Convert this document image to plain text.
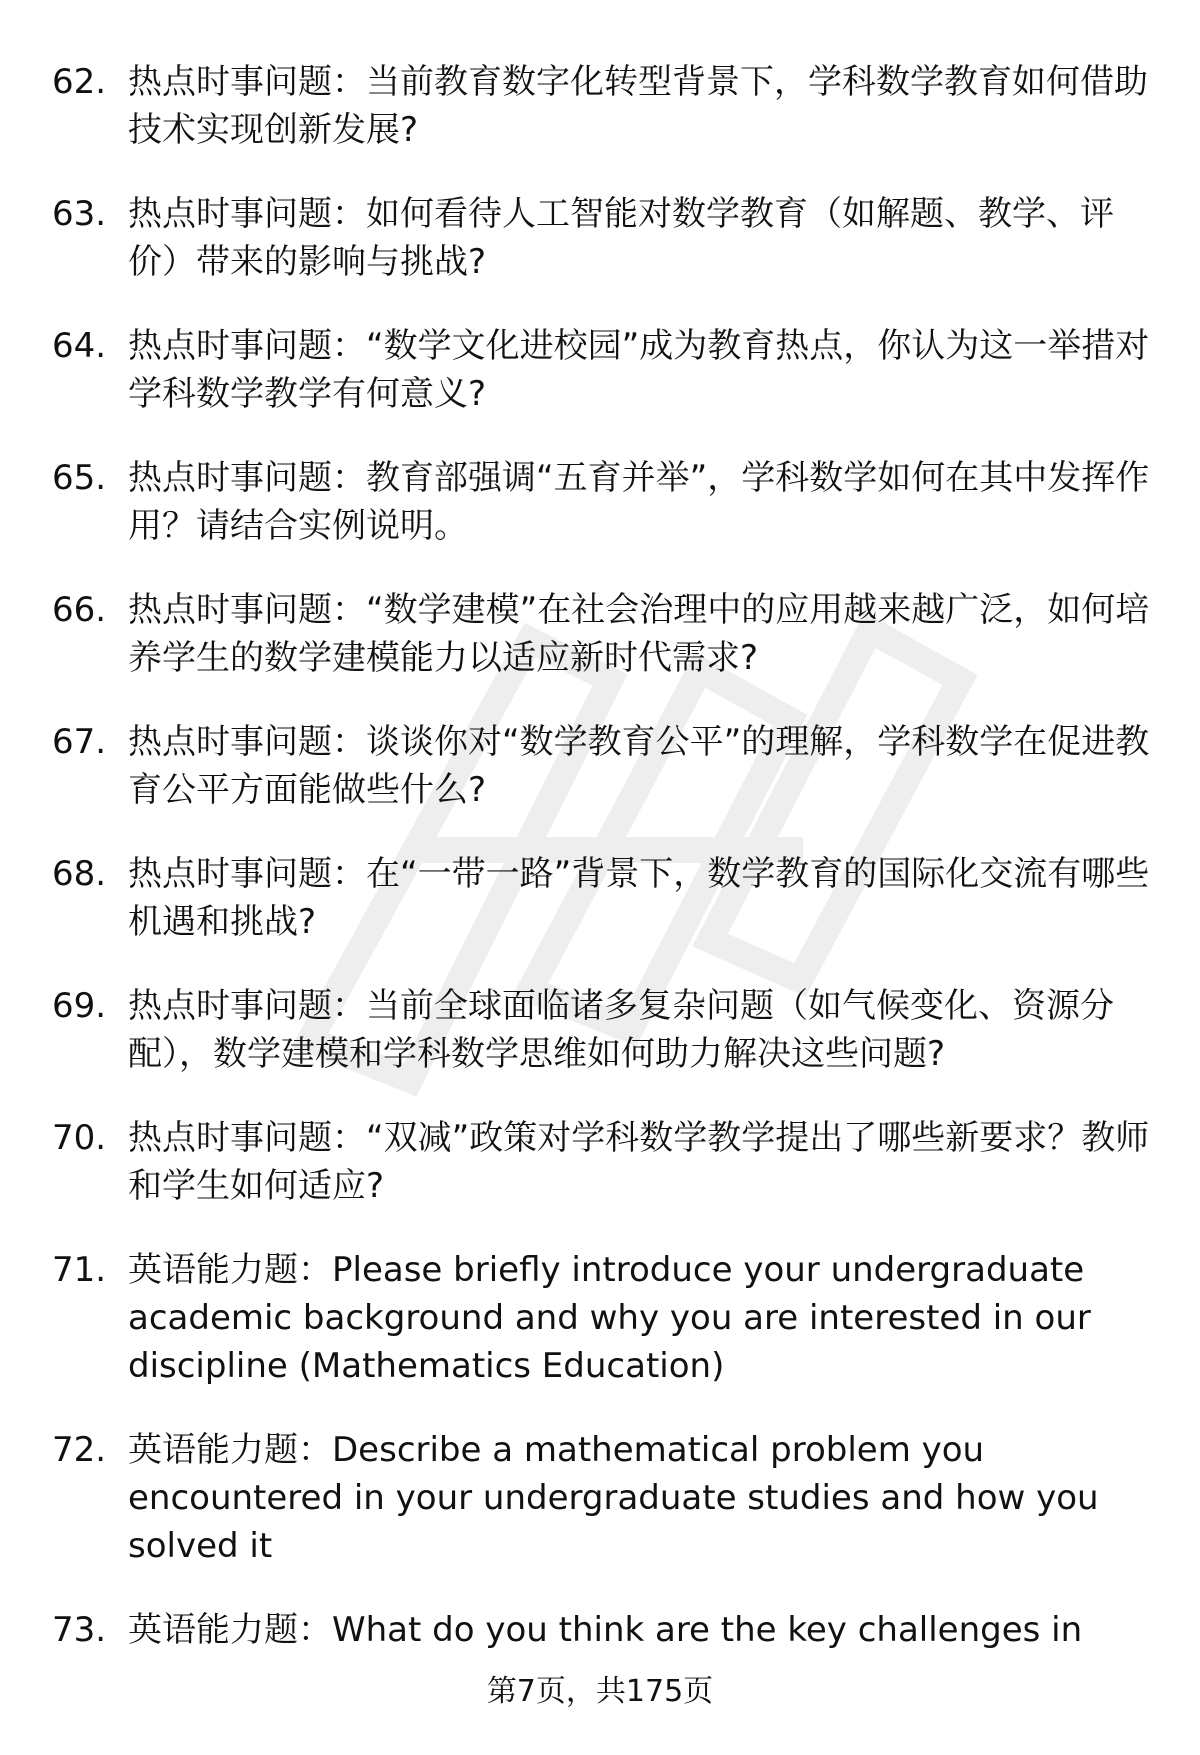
62. 热点时事问题：当前教育数字化转型背景下，学科数学教育如何借助技术实现创新发展?
63. 热点时事问题：如何看待人工智能对数学教育（如解题、教学、评价）带来的影响与挑战?
64. 热点时事问题：“数学文化进校园”成为教育热点，你认为这一举措对学科数学教学有何意义?
65. 热点时事问题：教育部强调“五育并举”，学科数学如何在其中发挥作用？请结合实例说明。
66. 热点时事问题：“数学建模”在社会治理中的应用越来越广泛，如何培养学生的数学建模能力以适应新时代需求?
67. 热点时事问题：谈谈你对“数学教育公平”的理解，学科数学在促进教育公平方面能做些什么?
68. 热点时事问题：在“一带一路”背景下，数学教育的国际化交流有哪些机遇和挑战?
69. 热点时事问题：当前全球面临诸多复杂问题（如气候变化、资源分配），数学建模和学科数学思维如何助力解决这些问题?
70. 热点时事问题：“双减”政策对学科数学教学提出了哪些新要求？教师和学生如何适应?
71. 英语能力题：Please briefly introduce your undergraduate academic background and why you are interested in our discipline (Mathematics Education)
72. 英语能力题：Describe a mathematical problem you encountered in your undergraduate studies and how you solved it
73. 英语能力题：What do you think are the key challenges in
第7页，共175页
